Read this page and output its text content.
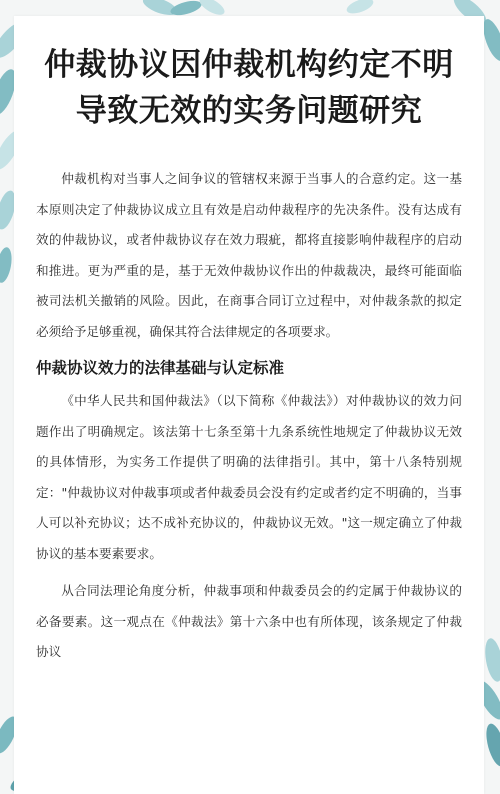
仲裁协议因仲裁机构约定不明
导致无效的实务问题研究

仲裁机构对当事人之间争议的管辖权来源于当事人的合意约定。这一基本原则决定了仲裁协议成立且有效是启动仲裁程序的先决条件。没有达成有效的仲裁协议，或者仲裁协议存在效力瑕疵，都将直接影响仲裁程序的启动和推进。更为严重的是，基于无效仲裁协议作出的仲裁裁决，最终可能面临被司法机关撤销的风险。因此，在商事合同订立过程中，对仲裁条款的拟定必须给予足够重视，确保其符合法律规定的各项要求。

仲裁协议效力的法律基础与认定标准

《中华人民共和国仲裁法》（以下简称《仲裁法》）对仲裁协议的效力问题作出了明确规定。该法第十七条至第十九条系统性地规定了仲裁协议无效的具体情形，为实务工作提供了明确的法律指引。其中，第十八条特别规定："仲裁协议对仲裁事项或者仲裁委员会没有约定或者约定不明确的，当事人可以补充协议；达不成补充协议的，仲裁协议无效。"这一规定确立了仲裁协议的基本要素要求。

从合同法理论角度分析，仲裁事项和仲裁委员会的约定属于仲裁协议的必备要素。这一观点在《仲裁法》第十六条中也有所体现，该条规定了仲裁协议
